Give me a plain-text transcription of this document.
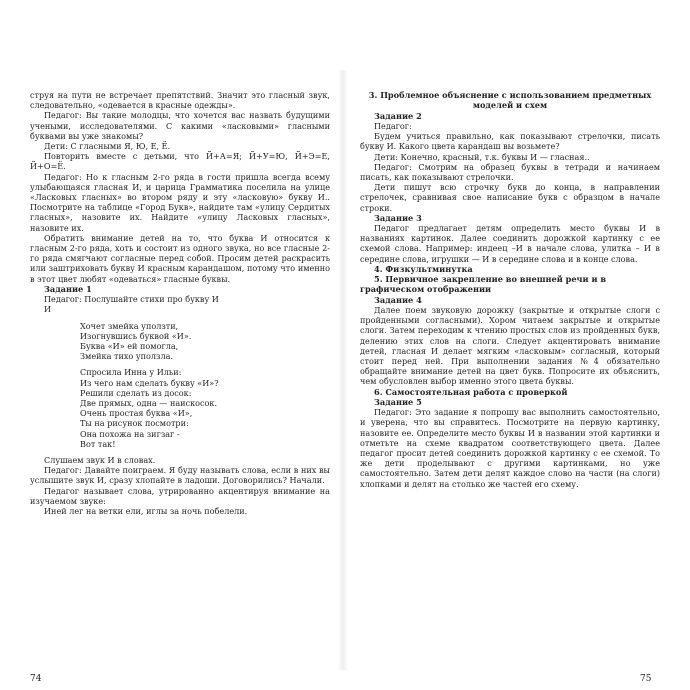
струя на пути не встречает препятствий. Значит это гласный звук, следовательно, «одевается в красные одежды».

Педагог: Вы такие молодцы, что хочется вас назвать будущими учеными, исследователями. С какими «ласковыми» гласными буквами вы уже знакомы?

Дети: С гласными Я, Ю, Е, Ё.

Повторить вместе с детьми, что Й+А=Я; Й+У=Ю, Й+Э=Е, Й+О=Ё.

Педагог: Но к гласным 2-го ряда в гости пришла всегда всему улыбающаяся гласная И, и царица Грамматика поселила на улице «Ласковых гласных» во втором ряду и эту «ласковую» букву И.. Посмотрите на таблице «Город Букв», найдите там «улицу Сердитых гласных», назовите их. Найдите «улицу Ласковых гласных», назовите их.

Обратить внимание детей на то, что буква И относится к гласным 2-го ряда, хоть и состоит из одного звука, но все гласные 2-го ряда смягчают согласные перед собой. Просим детей раскрасить или заштриховать букву И красным карандашом, потому что именно в этот цвет любят «одеваться» гласные буквы.

Задание 1

Педагог: Послушайте стихи про букву И

И

Хочет змейка уползти,
Изогнувшись буквой «И».
Буква «И» ей помогла,
Змейка тихо уползла.
Спросила Инна у Ильи:
Из чего нам сделать букву «И»?
Решили сделать из досок:
Две прямых, одна — наискосок.
Очень простая буква «И»,
Ты на рисунок посмотри:
Она похожа на зигзаг -
Вот так!

Слушаем звук И в словах.

Педагог: Давайте поиграем. Я буду называть слова, если в них вы услышите звук И, сразу хлопайте в ладоши. Договорились? Начали.

Педагог называет слова, утрированно акцентируя внимание на изучаемом звуке:

Иней лег на ветки ели, иглы за ночь побелели.

3. Проблемное объяснение с использованием предметных моделей и схем

Задание 2

Педагог:

Будем учиться правильно, как показывают стрелочки, писать букву И. Какого цвета карандаш вы возьмете?

Дети: Конечно, красный, т.к. буквы И — гласная..

Педагог: Смотрим на образец буквы в тетради и начинаем писать, как показывают стрелочки.

Дети пишут всю строчку букв до конца, в направлении стрелочек, сравнивая свое написание букв с образцом в начале строки.

Задание 3

Педагог предлагает детям определить место буквы И в названиях картинок. Далее соединить дорожкой картинку с ее схемой слова. Например: индеец –И в начале слова, улитка – И в середине слова, игрушки — И в середине слова и в конце слова.

4. Физкультминутка

5. Первичное закрепление во внешней речи и в графическом отображении

Задание 4

Далее поем звуковую дорожку (закрытые и открытые слоги с пройденными согласными). Хором читаем закрытые и открытые слоги. Затем переходим к чтению простых слов из пройденных букв, делению этих слов на слоги. Следует акцентировать внимание детей, гласная И делает мягким «ласковым» согласный, который стоит перед ней. При выполнении задания №4 обязательно обращайте внимание детей на цвет букв. Попросите их объяснить, чем обусловлен выбор именно этого цвета буквы.

6. Самостоятельная работа с проверкой

Задание 5

Педагог: Это задание я попрошу вас выполнить самостоятельно, и уверена, что вы справитесь. Посмотрите на первую картинку, назовите ее. Определите место буквы И в названии этой картинки и отметьте на схеме квадратом соответствующего цвета. Далее педагог просит детей соединить дорожкой картинку с ее схемой. То же дети проделывают с другими картинками, но уже самостоятельно. Затем дети делят каждое слово на части (на слоги) хлопками и делят на столько же частей его схему.

74	75
